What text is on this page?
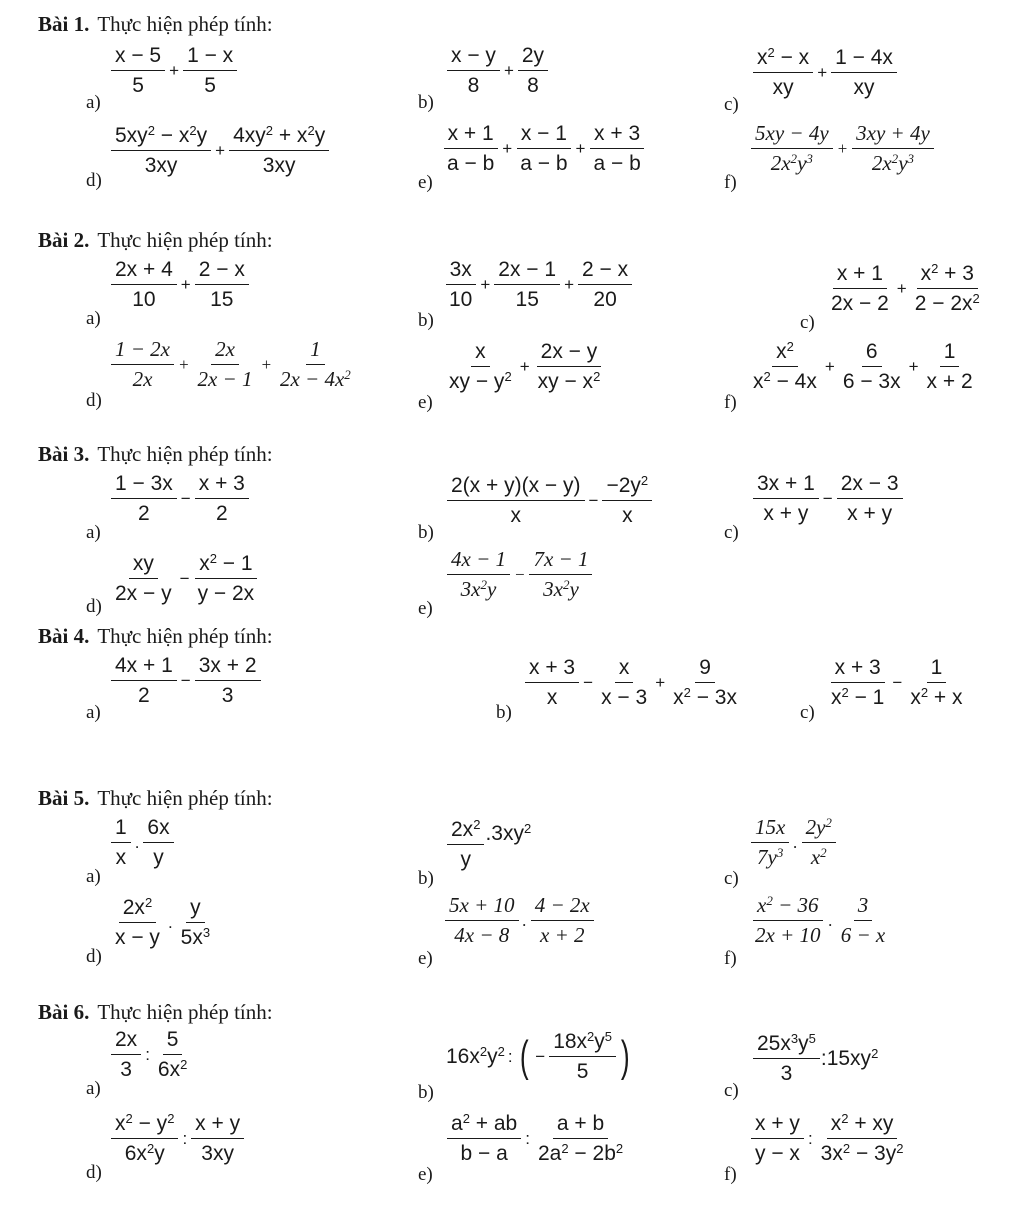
Bài 1. Thực hiện phép tính:
a)
$\frac{x - 5}{5} + \frac{1 - x}{5}$
b)
$\frac{x - y}{8} + \frac{2y}{8}$
c)
$\frac{x^2 - x}{xy} + \frac{1 - 4x}{xy}$
d)
$\frac{5xy^2 - x^2y}{3xy} + \frac{4xy^2 + x^2y}{3xy}$
e)
$\frac{x + 1}{a - b} + \frac{x - 1}{a - b} + \frac{x + 3}{a - b}$
f)
$\frac{5xy - 4y}{2x^2y^3} + \frac{3xy + 4y}{2x^2y^3}$
Bài 2. Thực hiện phép tính:
a)
$\frac{2x + 4}{10} + \frac{2 - x}{15}$
b)
$\frac{3x}{10} + \frac{2x - 1}{15} + \frac{2 - x}{20}$
c)
$\frac{x + 1}{2x - 2} + \frac{x^2 + 3}{2 - 2x^2}$
d)
$\frac{1 - 2x}{2x} + \frac{2x}{2x - 1} + \frac{1}{2x - 4x^2}$
e)
$\frac{x}{xy - y^2} + \frac{2x - y}{xy - x^2}$
f)
$\frac{x^2}{x^2 - 4x} + \frac{6}{6 - 3x} + \frac{1}{x + 2}$
Bài 3. Thực hiện phép tính:
a)
$\frac{1 - 3x}{2} - \frac{x + 3}{2}$
b)
$\frac{2(x + y)(x - y)}{x} - \frac{-2y^2}{x}$
c)
$\frac{3x + 1}{x + y} - \frac{2x - 3}{x + y}$
d)
$\frac{xy}{2x - y} - \frac{x^2 - 1}{y - 2x}$
e)
$\frac{4x - 1}{3x^2y} - \frac{7x - 1}{3x^2y}$
Bài 4. Thực hiện phép tính:
a)
$\frac{4x + 1}{2} - \frac{3x + 2}{3}$
b)
$\frac{x + 3}{x} - \frac{x}{x - 3} + \frac{9}{x^2 - 3x}$
c)
$\frac{x + 3}{x^2 - 1} - \frac{1}{x^2 + x}$
Bài 5. Thực hiện phép tính:
a)
$\frac{1}{x}$ . $\frac{6x}{y}$
b)
$\frac{2x^2}{y} .3xy^2$
c)
$\frac{15x}{7y^3}$ . $\frac{2y^2}{x^2}$
d)
$\frac{2x^2}{x - y}$ . $\frac{y}{5x^3}$
e)
$\frac{5x + 10}{4x - 8}$ . $\frac{4 - 2x}{x + 2}$
f)
$\frac{x^2 - 36}{2x + 10}$ . $\frac{3}{6 - x}$
Bài 6. Thực hiện phép tính:
a)
$\frac{2x}{3}$ : $\frac{5}{6x^2}$
b)
$16x^2y^2$ : ( − $\frac{18x^2y^5}{5}$ )
c)
$\frac{25x^3y^5}{3}$ $:15xy^2$
d)
$\frac{x^2 - y^2}{6x^2y}$ : $\frac{x + y}{3xy}$
e)
$\frac{a^2 + ab}{b - a}$ : $\frac{a + b}{2a^2 - 2b^2}$
f)
$\frac{x + y}{y - x}$ : $\frac{x^2 + xy}{3x^2 - 3y^2}$
